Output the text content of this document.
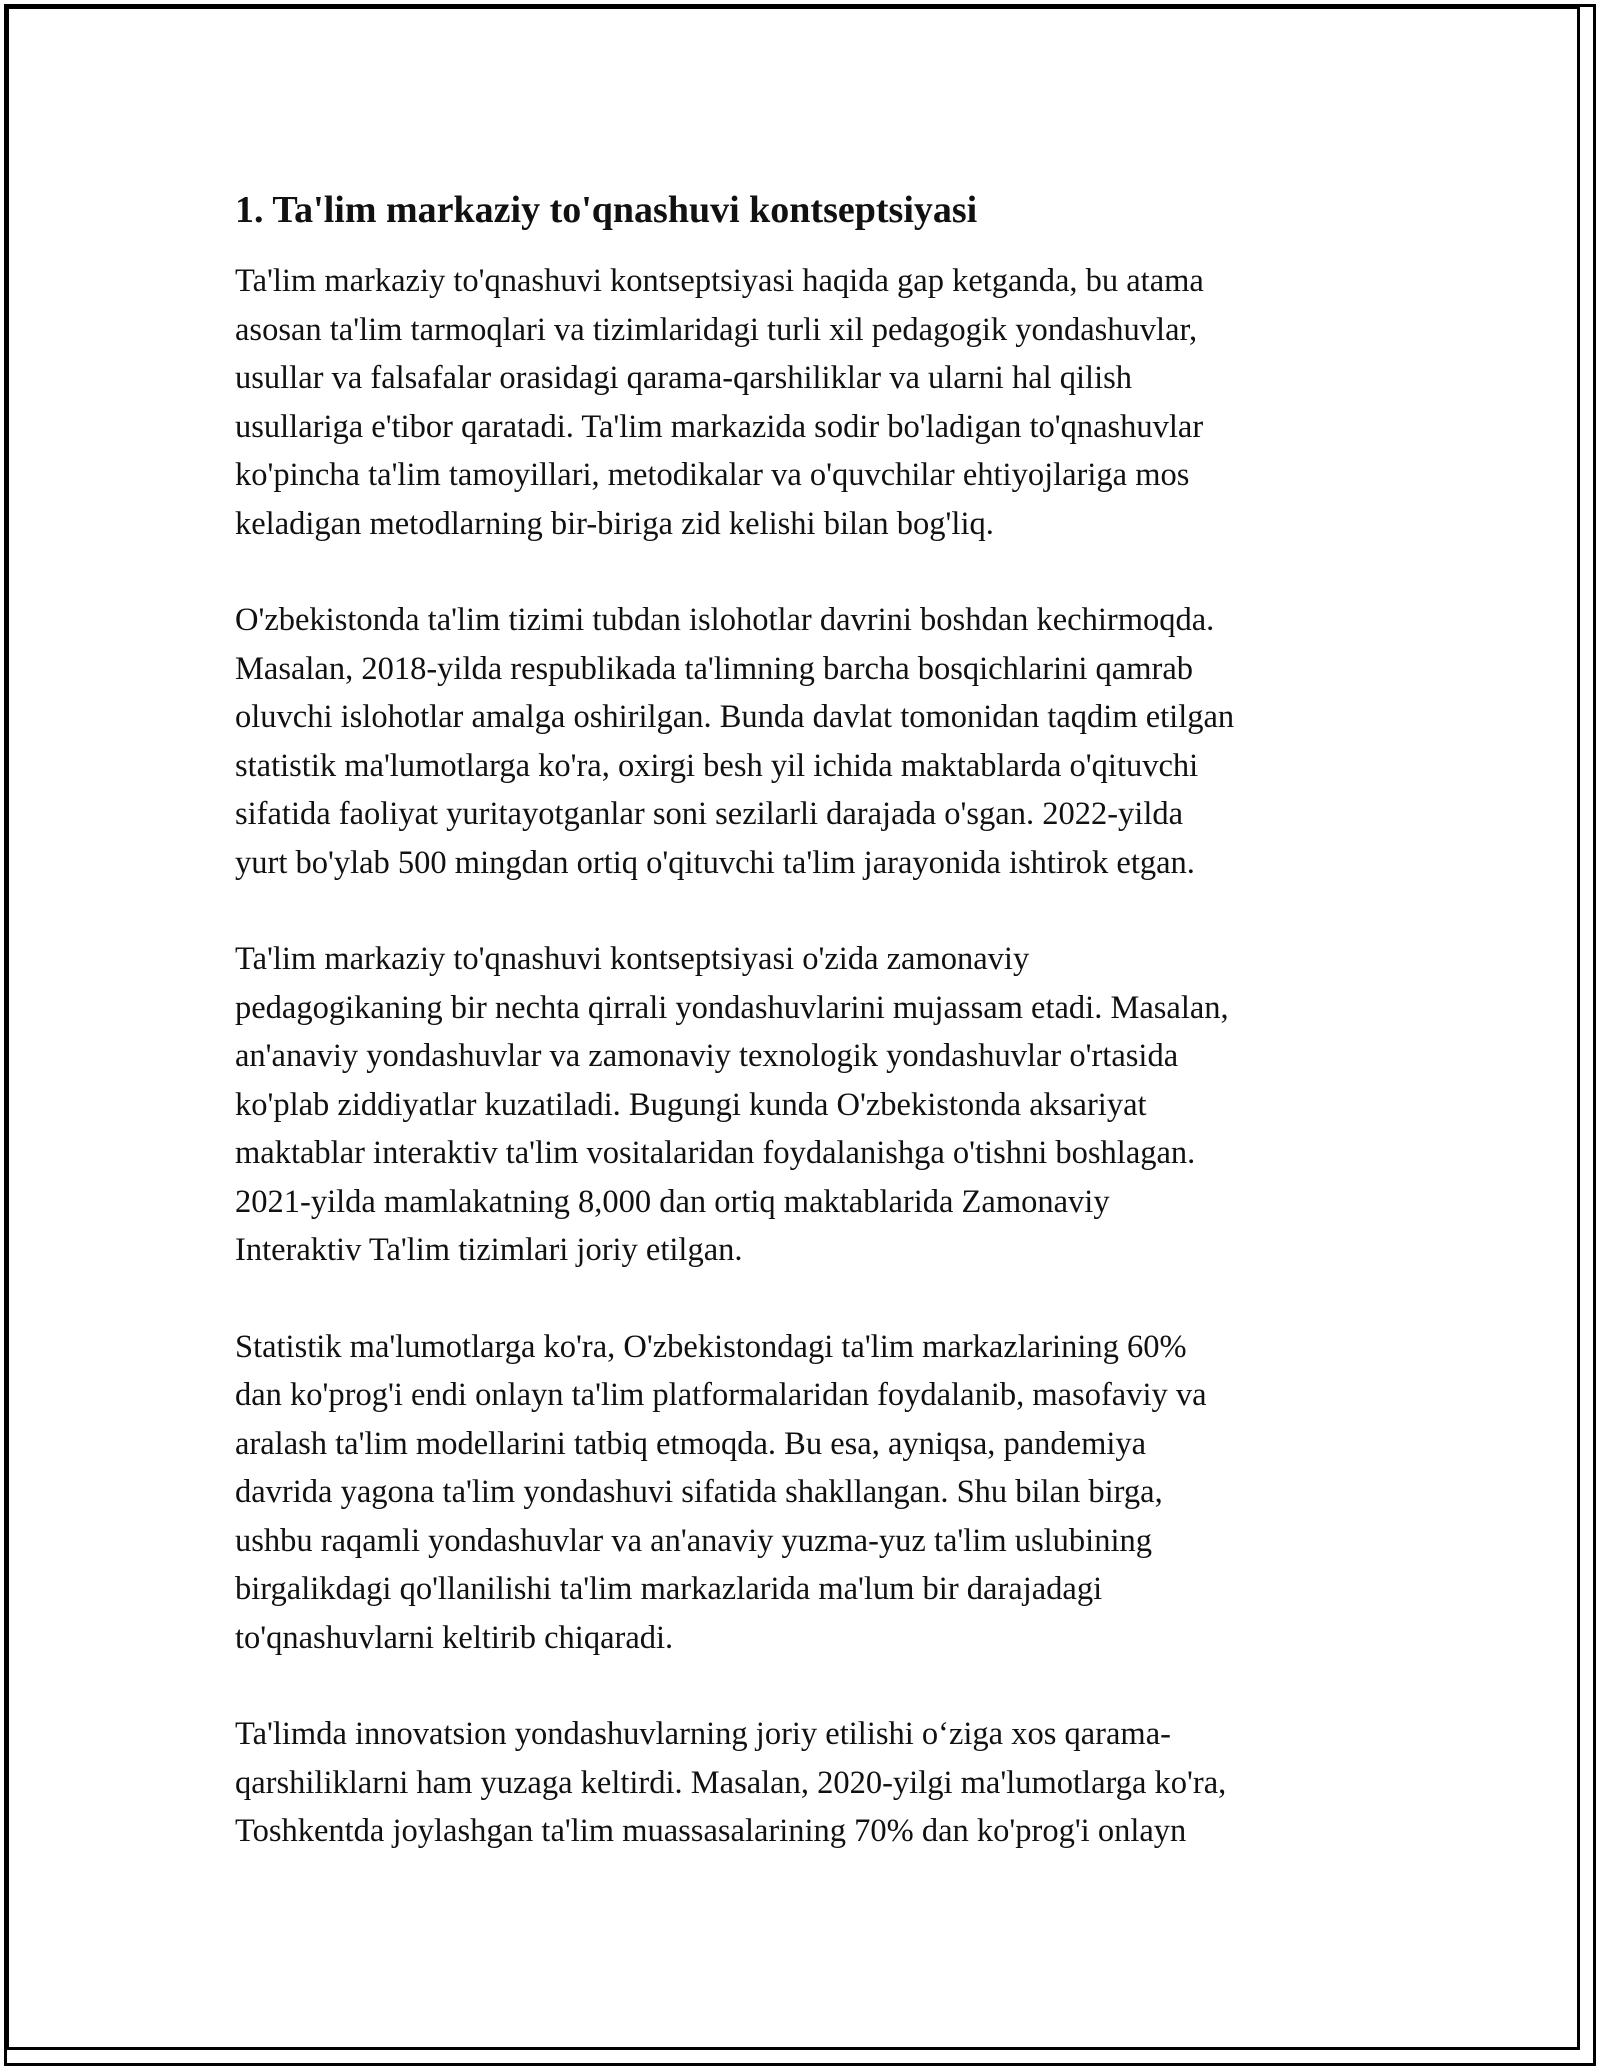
1. Ta'lim markaziy to'qnashuvi kontseptsiyasi
Ta'lim markaziy to'qnashuvi kontseptsiyasi haqida gap ketganda, bu atama
asosan ta'lim tarmoqlari va tizimlaridagi turli xil pedagogik yondashuvlar,
usullar va falsafalar orasidagi qarama-qarshiliklar va ularni hal qilish
usullariga e'tibor qaratadi. Ta'lim markazida sodir bo'ladigan to'qnashuvlar
ko'pincha ta'lim tamoyillari, metodikalar va o'quvchilar ehtiyojlariga mos
keladigan metodlarning bir-biriga zid kelishi bilan bog'liq.
O'zbekistonda ta'lim tizimi tubdan islohotlar davrini boshdan kechirmoqda.
Masalan, 2018-yilda respublikada ta'limning barcha bosqichlarini qamrab
oluvchi islohotlar amalga oshirilgan. Bunda davlat tomonidan taqdim etilgan
statistik ma'lumotlarga ko'ra, oxirgi besh yil ichida maktablarda o'qituvchi
sifatida faoliyat yuritayotganlar soni sezilarli darajada o'sgan. 2022-yilda
yurt bo'ylab 500 mingdan ortiq o'qituvchi ta'lim jarayonida ishtirok etgan.
Ta'lim markaziy to'qnashuvi kontseptsiyasi o'zida zamonaviy
pedagogikaning bir nechta qirrali yondashuvlarini mujassam etadi. Masalan,
an'anaviy yondashuvlar va zamonaviy texnologik yondashuvlar o'rtasida
ko'plab ziddiyatlar kuzatiladi. Bugungi kunda O'zbekistonda aksariyat
maktablar interaktiv ta'lim vositalaridan foydalanishga o'tishni boshlagan.
2021-yilda mamlakatning 8,000 dan ortiq maktablarida Zamonaviy
Interaktiv Ta'lim tizimlari joriy etilgan.
Statistik ma'lumotlarga ko'ra, O'zbekistondagi ta'lim markazlarining 60%
dan ko'prog'i endi onlayn ta'lim platformalaridan foydalanib, masofaviy va
aralash ta'lim modellarini tatbiq etmoqda. Bu esa, ayniqsa, pandemiya
davrida yagona ta'lim yondashuvi sifatida shakllangan. Shu bilan birga,
ushbu raqamli yondashuvlar va an'anaviy yuzma-yuz ta'lim uslubining
birgalikdagi qo'llanilishi ta'lim markazlarida ma'lum bir darajadagi
to'qnashuvlarni keltirib chiqaradi.
Ta'limda innovatsion yondashuvlarning joriy etilishi o‘ziga xos qarama-
qarshiliklarni ham yuzaga keltirdi. Masalan, 2020-yilgi ma'lumotlarga ko'ra,
Toshkentda joylashgan ta'lim muassasalarining 70% dan ko'prog'i onlayn
